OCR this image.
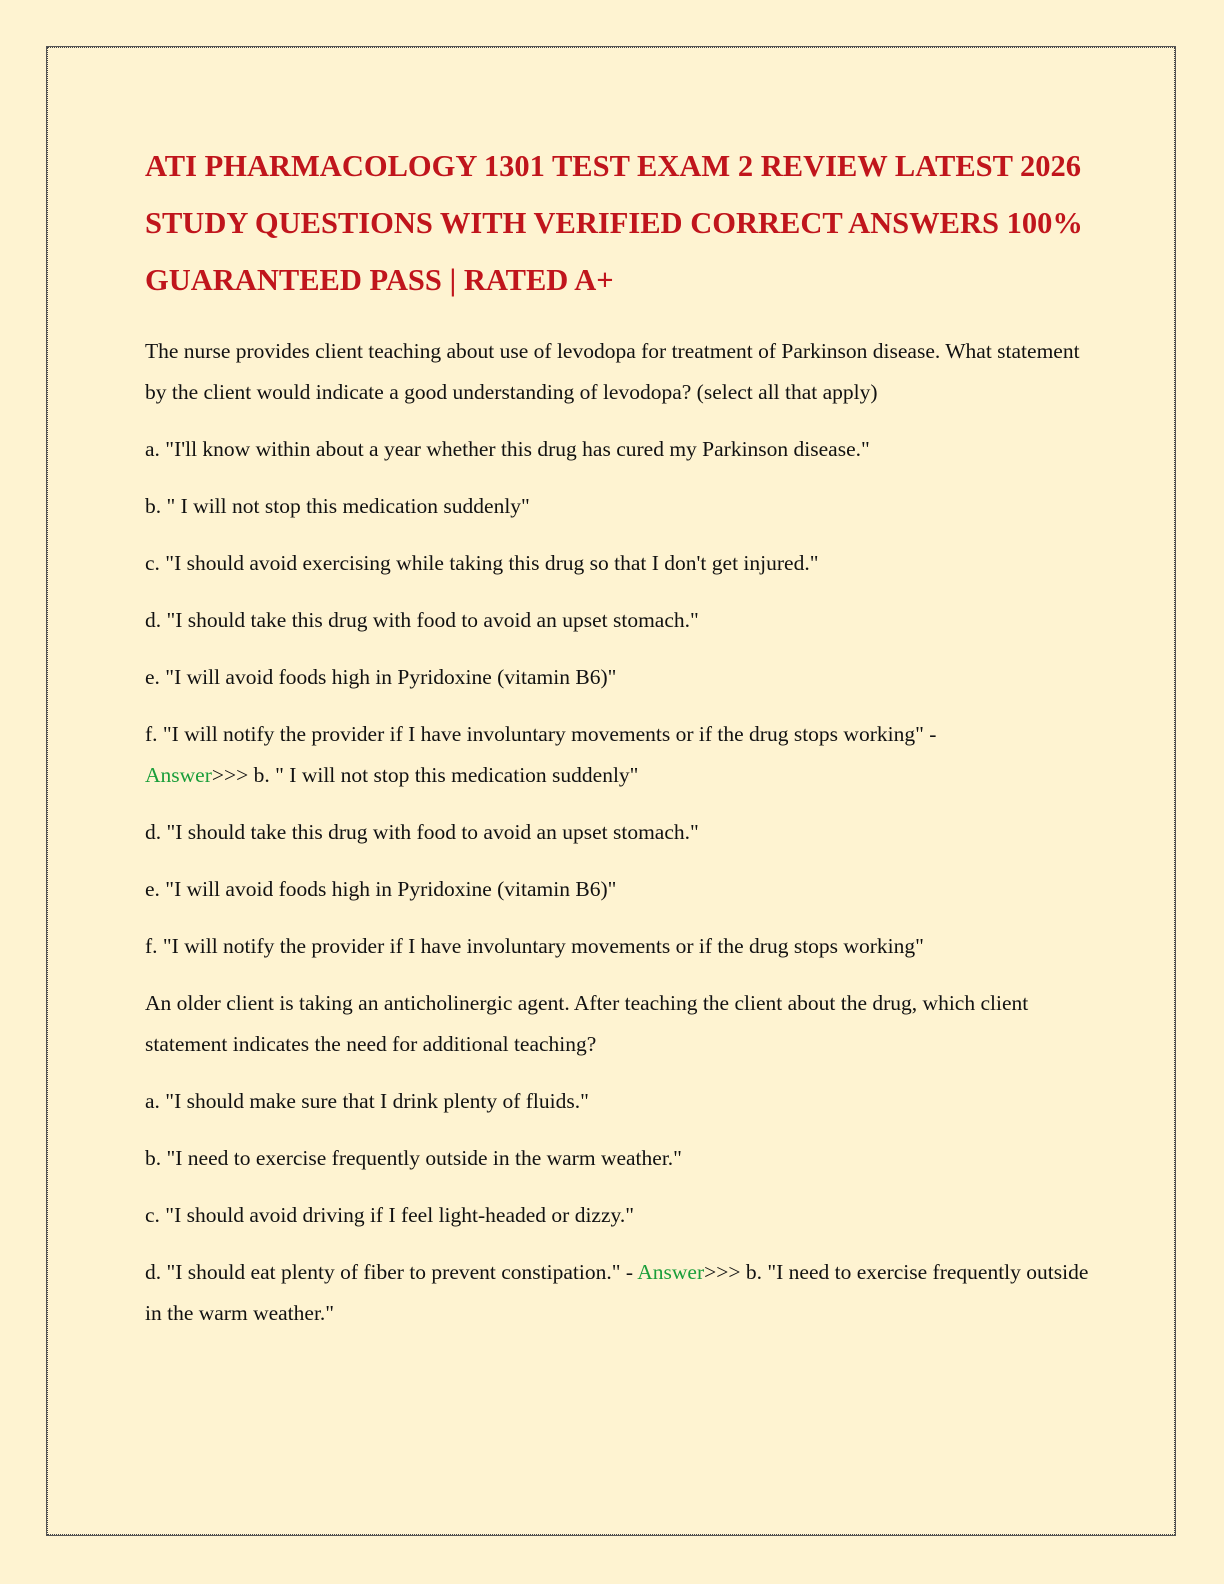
ATI PHARMACOLOGY 1301 TEST EXAM 2 REVIEW LATEST 2026 STUDY QUESTIONS WITH VERIFIED CORRECT ANSWERS 100% GUARANTEED PASS | RATED A+

The nurse provides client teaching about use of levodopa for treatment of Parkinson disease. What statement by the client would indicate a good understanding of levodopa? (select all that apply)

a. "I'll know within about a year whether this drug has cured my Parkinson disease."

b. " I will not stop this medication suddenly"

c. "I should avoid exercising while taking this drug so that I don't get injured."

d. "I should take this drug with food to avoid an upset stomach."

e. "I will avoid foods high in Pyridoxine (vitamin B6)"

f. "I will notify the provider if I have involuntary movements or if the drug stops working" -
Answer>>> b. " I will not stop this medication suddenly"

d. "I should take this drug with food to avoid an upset stomach."

e. "I will avoid foods high in Pyridoxine (vitamin B6)"

f. "I will notify the provider if I have involuntary movements or if the drug stops working"

An older client is taking an anticholinergic agent. After teaching the client about the drug, which client statement indicates the need for additional teaching?

a. "I should make sure that I drink plenty of fluids."

b. "I need to exercise frequently outside in the warm weather."

c. "I should avoid driving if I feel light-headed or dizzy."

d. "I should eat plenty of fiber to prevent constipation." - Answer>>> b. "I need to exercise frequently outside in the warm weather."
